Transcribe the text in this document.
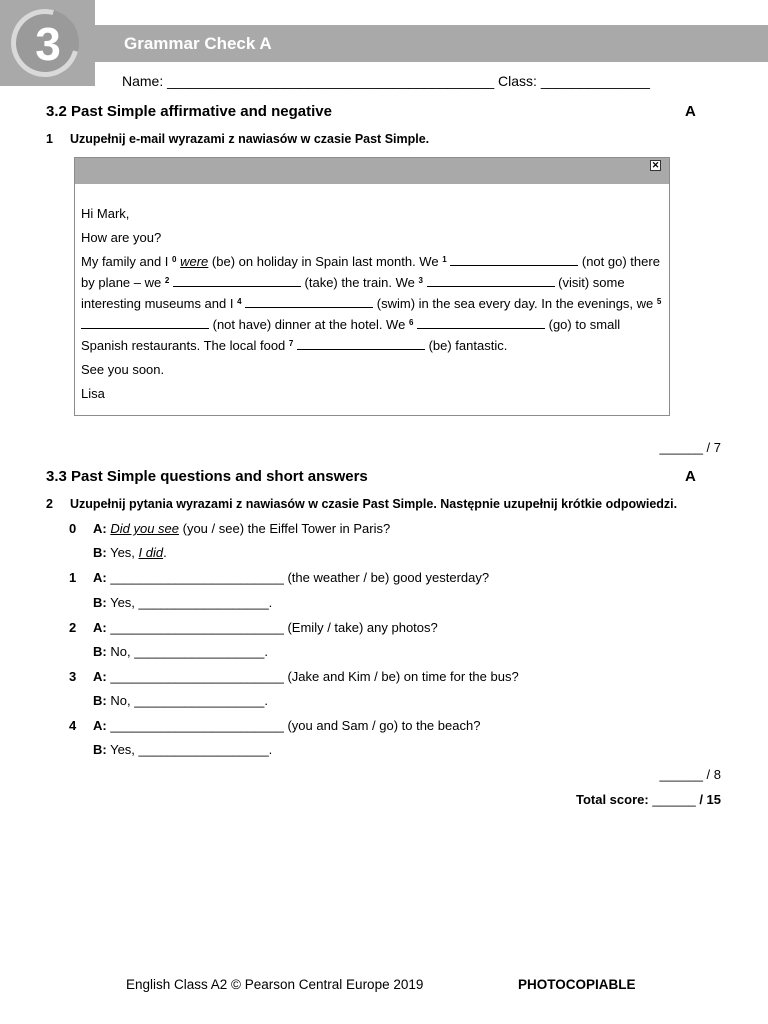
3	Grammar Check A
Name: __________________________________________ Class: ______________
3.2 Past Simple affirmative and negative	A
1 Uzupełnij e-mail wyrazami z nawiasów w czasie Past Simple.
✕

Hi Mark,

How are you?

My family and I $^0$ were (be) on holiday in Spain last month. We $^1$	(not go) there by plane – we $^2$	(take) the train. We $^3$	(visit) some interesting museums and I $^4$	(swim) in the sea every day. In the evenings, we $^5$  (not have) dinner at the hotel. We $^6$	(go) to small Spanish restaurants. The local food $^7$	(be) fantastic.

See you soon.

Lisa

______ / 7
3.3 Past Simple questions and short answers	A
2 Uzupełnij pytania wyrazami z nawiasów w czasie Past Simple. Następnie uzupełnij krótkie odpowiedzi.
0 A: Did you see (you / see) the Eiffel Tower in Paris?
B: Yes, I did.
1 A: ________________________ (the weather / be) good yesterday?
B: Yes, __________________.
2 A: ________________________ (Emily / take) any photos?
B: No, __________________.
3 A: ________________________ (Jake and Kim / be) on time for the bus?
B: No, __________________.
4 A: ________________________ (you and Sam / go) to the beach?
B: Yes, __________________.
______ / 8
Total score: ______ / 15
English Class A2 © Pearson Central Europe 2019	PHOTOCOPIABLE
